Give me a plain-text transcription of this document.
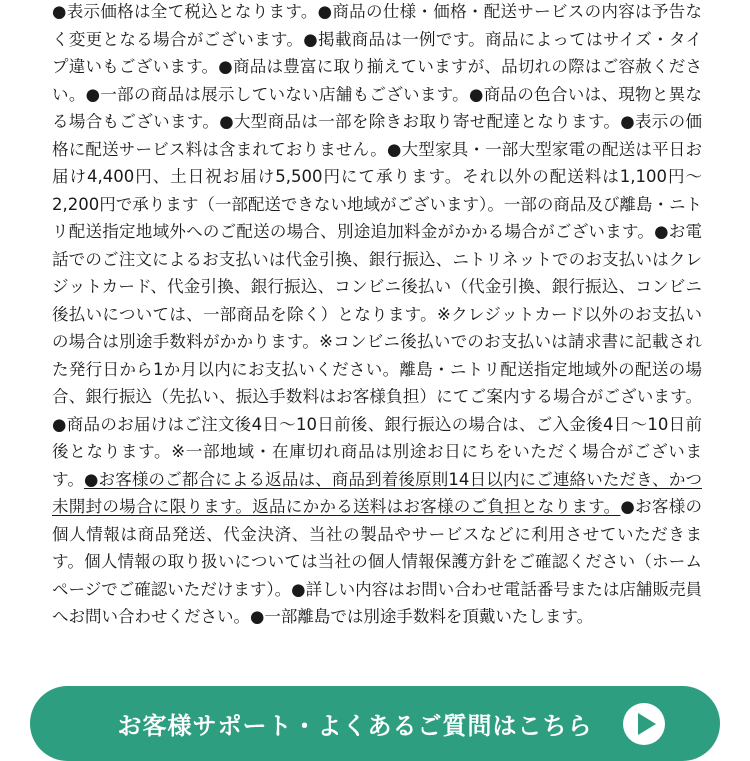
●表示価格は全て税込となります。●商品の仕様・価格・配送サービスの内容は予告なく変更となる場合がございます。●掲載商品は一例です。商品によってはサイズ・タイプ違いもございます。●商品は豊富に取り揃えていますが、品切れの際はご容赦ください。●一部の商品は展示していない店舗もございます。●商品の色合いは、現物と異なる場合もございます。●大型商品は一部を除きお取り寄せ配達となります。●表示の価格に配送サービス料は含まれておりません。●大型家具・一部大型家電の配送は平日お届け4,400円、土日祝お届け5,500円にて承ります。それ以外の配送料は1,100円～2,200円で承ります（一部配送できない地域がございます）。一部の商品及び離島・ニトリ配送指定地域外へのご配送の場合、別途追加料金がかかる場合がございます。●お電話でのご注文によるお支払いは代金引換、銀行振込、ニトリネットでのお支払いはクレジットカード、代金引換、銀行振込、コンビニ後払い（代金引換、銀行振込、コンビニ後払いについては、一部商品を除く）となります。※クレジットカード以外のお支払いの場合は別途手数料がかかります。※コンビニ後払いでのお支払いは請求書に記載された発行日から1か月以内にお支払いください。離島・ニトリ配送指定地域外の配送の場合、銀行振込（先払い、振込手数料はお客様負担）にてご案内する場合がございます。●商品のお届けはご注文後4日～10日前後、銀行振込の場合は、ご入金後4日～10日前後となります。※一部地域・在庫切れ商品は別途お日にちをいただく場合がございます。●お客様のご都合による返品は、商品到着後原則14日以内にご連絡いただき、かつ未開封の場合に限ります。返品にかかる送料はお客様のご負担となります。●お客様の個人情報は商品発送、代金決済、当社の製品やサービスなどに利用させていただきます。個人情報の取り扱いについては当社の個人情報保護方針をご確認ください（ホームページでご確認いただけます）。●詳しい内容はお問い合わせ電話番号または店舗販売員へお問い合わせください。●一部離島では別途手数料を頂戴いたします。
お客様サポート・よくあるご質問はこちら
